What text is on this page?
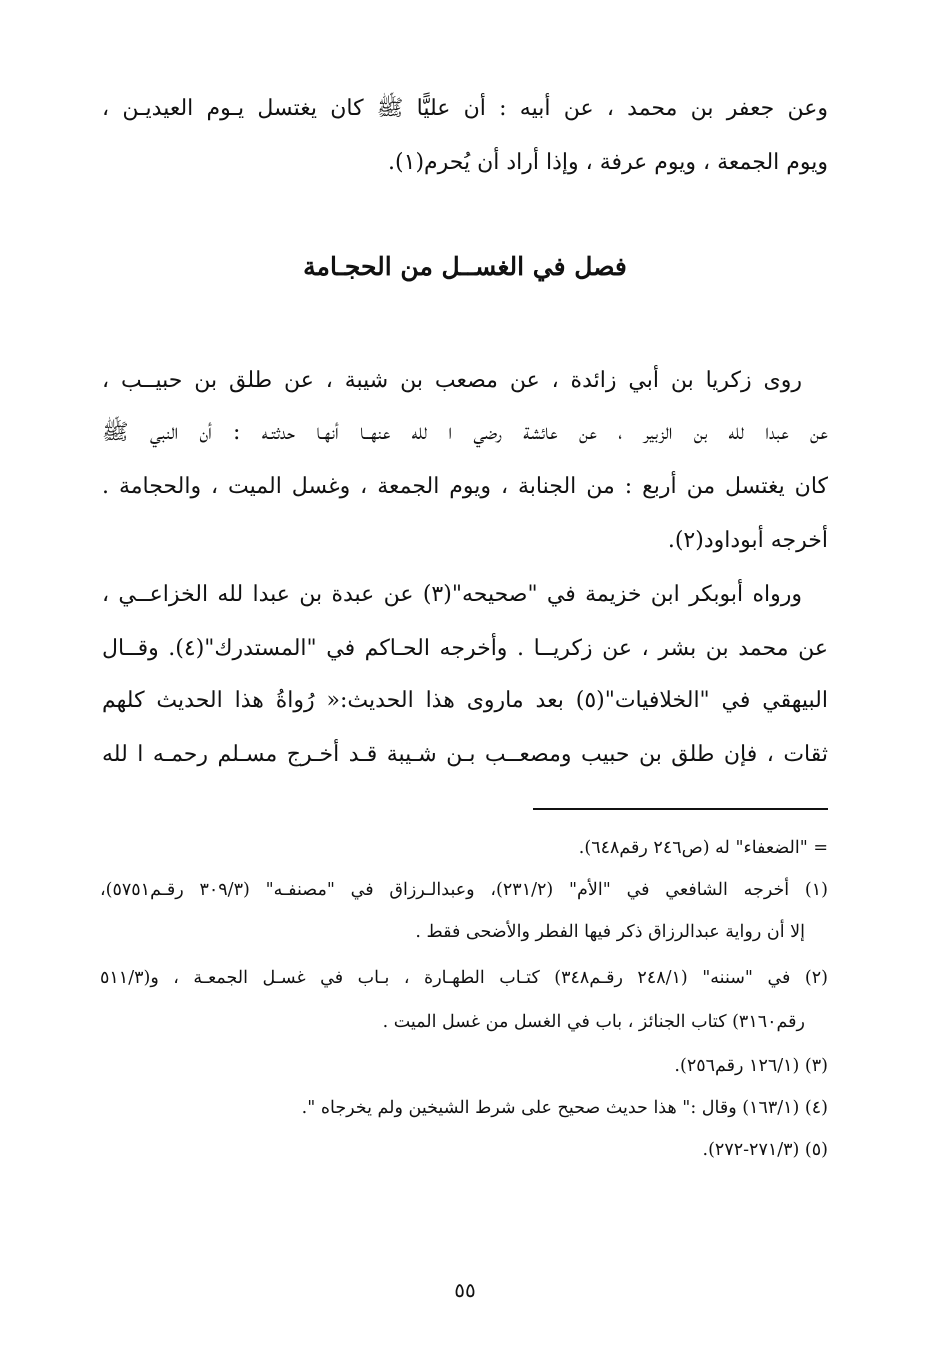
وعن جعفر بن محمد ، عن أبيه : أن عليًّا ﷺ كان يغتسل يـوم العيديـن ،
ويوم الجمعة ، ويوم عرفة ، وإذا أراد أن يُحرم(١).
فصل في الغســل من الحجـامة
روى زكريا بن أبي زائدة ، عن مصعب بن شيبة ، عن طلق بن حبيــب ،
عن عبدا لله بن الزبير ، عن عائشة رضي ا لله عنهــا أنهـا حدثتـه : أن النبي ﷺ
كان يغتسل من أربع : من الجنابة ، ويوم الجمعة ، وغسل الميت ، والحجامة .
أخرجه أبوداود(٢).
ورواه أبوبكر ابن خزيمة في "صحيحه"(٣) عن عبدة بن عبدا لله الخزاعــي ،
عن محمد بن بشر ، عن زكريــا . وأخرجه الحـاكم في "المستدرك"(٤). وقــال
البيهقي في "الخلافيات"(٥) بعد ماروى هذا الحديث:« رُواةُ هذا الحديث كلهم
ثقات ، فإن طلق بن حبيب ومصعــب بـن شـيبة قـد أخـرج مسـلم رحمـه ا لله
= "الضعفاء" له (ص٢٤٦ رقم٦٤٨).
(١) أخرجه الشافعي في "الأم" (٢٣١/٢)، وعبدالـرزاق في "مصنفـه" (٣٠٩/٣ رقـم٥٧٥١)،
إلا أن رواية عبدالرزاق ذكر فيها الفطر والأضحى فقط .
(٢) في "سننه" (٢٤٨/١ رقـم٣٤٨) كتـاب الطهـارة ، بـاب في غسـل الجمعـة ، و(٥١١/٣
رقم٣١٦٠) كتاب الجنائز ، باب في الغسل من غسل الميت .
(٣) (١٢٦/١ رقم٢٥٦).
(٤) (١٦٣/١) وقال :" هذا حديث صحيح على شرط الشيخين ولم يخرجاه ".
(٥) (٢٧١/٣-٢٧٢).
٥٥
